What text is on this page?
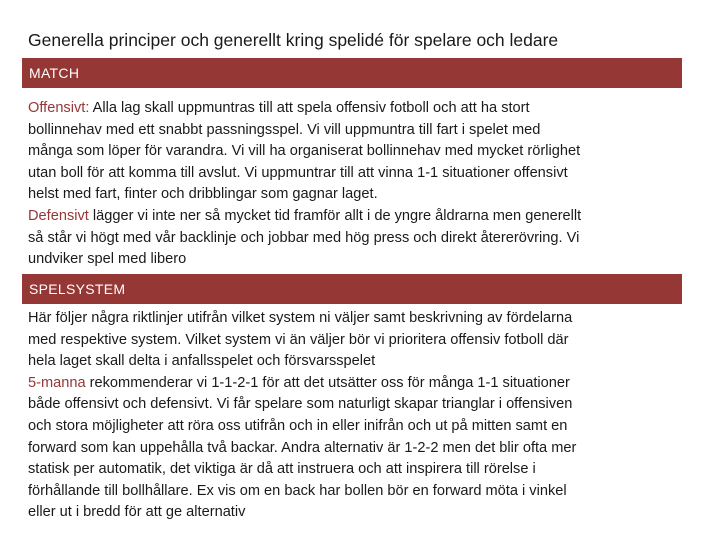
Generella principer och generellt kring spelidé för spelare och ledare
MATCH
Offensivt: Alla lag skall uppmuntras till att spela offensiv fotboll och att ha stort
bollinnehav med ett snabbt passningsspel. Vi vill uppmuntra till fart i spelet med
många som löper för varandra. Vi vill ha organiserat bollinnehav med mycket rörlighet
utan boll för att komma till avslut. Vi uppmuntrar till att vinna 1-1 situationer offensivt
helst med fart, finter och dribblingar som gagnar laget.
Defensivt lägger vi inte ner så mycket tid framför allt i de yngre åldrarna men generellt
så står vi högt med vår backlinje och jobbar med hög press och direkt återerövring. Vi
undviker spel med libero
SPELSYSTEM
Här följer några riktlinjer utifrån vilket system ni väljer samt beskrivning av fördelarna
med respektive system. Vilket system vi än väljer bör vi prioritera offensiv fotboll där
hela laget skall delta i anfallsspelet och försvarsspelet
5-manna rekommenderar vi 1-1-2-1 för att det utsätter oss för många 1-1 situationer
både offensivt och defensivt. Vi får spelare som naturligt skapar trianglar i offensiven
och stora möjligheter att röra oss utifrån och in eller inifrån och ut på mitten samt en
forward som kan uppehålla två backar. Andra alternativ är 1-2-2 men det blir ofta mer
statisk per automatik, det viktiga är då att instruera och att inspirera till rörelse i
förhållande till bollhållare. Ex vis om en back har bollen bör en forward möta i vinkel
eller ut i bredd för att ge alternativ
